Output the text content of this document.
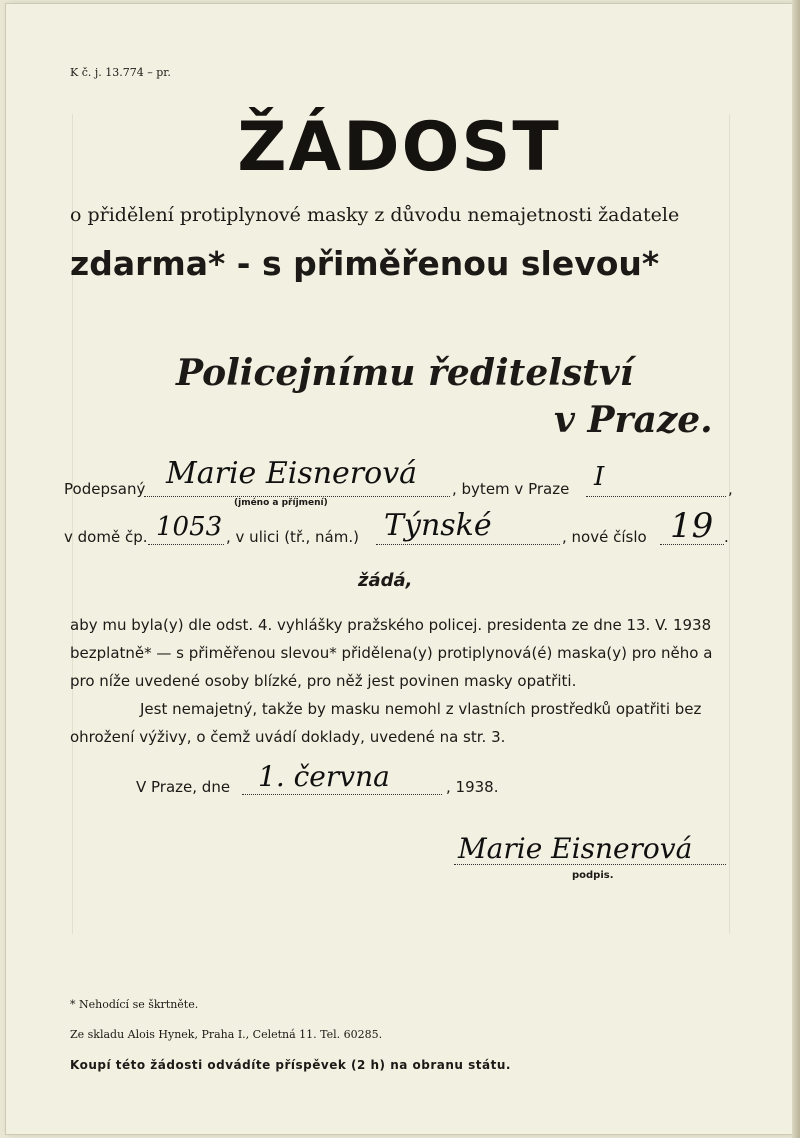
K č. j. 13.774 – pr.
ŽÁDOST
o přidělení protiplynové masky z důvodu nemajetnosti žadatele
zdarma* - s přiměřenou slevou*
Policejnímu ředitelství
v Praze.
Podepsaný Marie Eisnerová
(jméno a příjmení)
, bytem v Praze I	,
v domě čp. 1053 , v ulici (tř., nám.) Týnské	, nové číslo 19 .
žádá,
aby mu byla(y) dle odst. 4. vyhlášky pražského policej. presidenta ze dne 13. V. 1938
bezplatně* — s přiměřenou slevou* přidělena(y) protiplynová(é) maska(y) pro něho a
pro níže uvedené osoby blízké, pro něž jest povinen masky opatřiti.
Jest nemajetný, takže by masku nemohl z vlastních prostředků opatřiti bez
ohrožení výživy, o čemž uvádí doklady, uvedené na str. 3.
V Praze, dne 1. června	, 1938.
Marie Eisnerová
podpis.
* Nehodící se škrtněte.
Ze skladu Alois Hynek, Praha I., Celetná 11. Tel. 60285.
Koupí této žádosti odvádíte příspěvek (2 h) na obranu státu.
